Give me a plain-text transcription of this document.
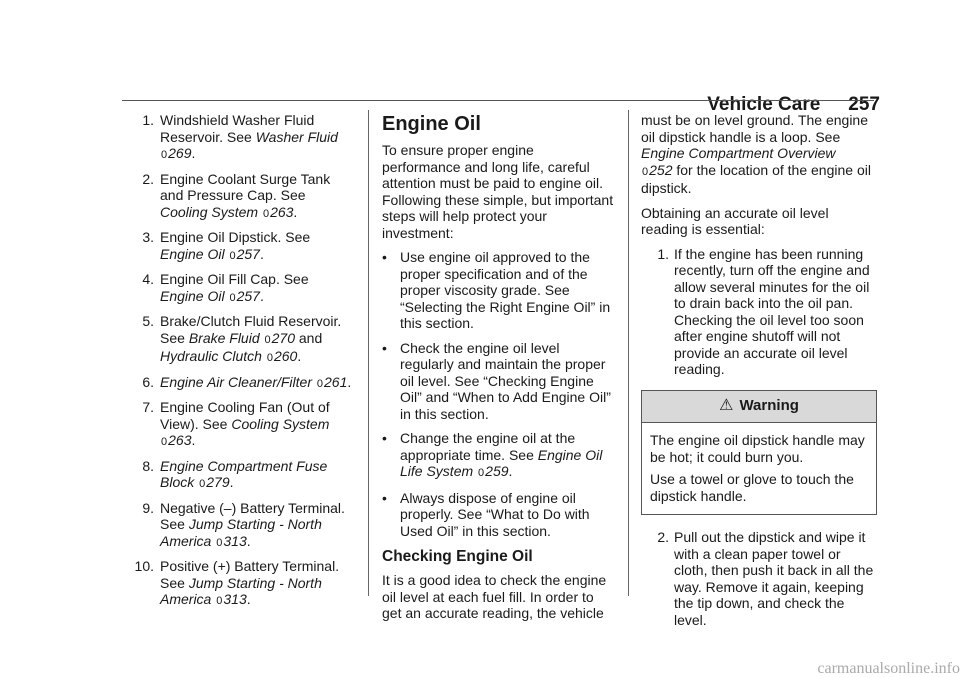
Vehicle Care 257
1. Windshield Washer Fluid Reservoir. See Washer Fluid 0269.
2. Engine Coolant Surge Tank and Pressure Cap. See Cooling System 0263.
3. Engine Oil Dipstick. See Engine Oil 0257.
4. Engine Oil Fill Cap. See Engine Oil 0257.
5. Brake/Clutch Fluid Reservoir. See Brake Fluid 0270 and Hydraulic Clutch 0260.
6. Engine Air Cleaner/Filter 0261.
7. Engine Cooling Fan (Out of View). See Cooling System 0263.
8. Engine Compartment Fuse Block 0279.
9. Negative (–) Battery Terminal. See Jump Starting - North America 0313.
10. Positive (+) Battery Terminal. See Jump Starting - North America 0313.
Engine Oil

To ensure proper engine performance and long life, careful attention must be paid to engine oil. Following these simple, but important steps will help protect your investment:

• Use engine oil approved to the proper specification and of the proper viscosity grade. See “Selecting the Right Engine Oil” in this section.
• Check the engine oil level regularly and maintain the proper oil level. See “Checking Engine Oil” and “When to Add Engine Oil” in this section.
• Change the engine oil at the appropriate time. See Engine Oil Life System 0259.
• Always dispose of engine oil properly. See “What to Do with Used Oil” in this section.
Checking Engine Oil

It is a good idea to check the engine oil level at each fuel fill. In order to get an accurate reading, the vehicle

must be on level ground. The engine oil dipstick handle is a loop. See Engine Compartment Overview
0252 for the location of the engine oil dipstick.

Obtaining an accurate oil level reading is essential:

1. If the engine has been running recently, turn off the engine and allow several minutes for the oil to drain back into the oil pan. Checking the oil level too soon after engine shutoff will not provide an accurate oil level reading.
⚠ Warning

The engine oil dipstick handle may be hot; it could burn you.

Use a towel or glove to touch the dipstick handle.

2. Pull out the dipstick and wipe it with a clean paper towel or cloth, then push it back in all the way. Remove it again, keeping the tip down, and check the level.
carmanualsonline.info
